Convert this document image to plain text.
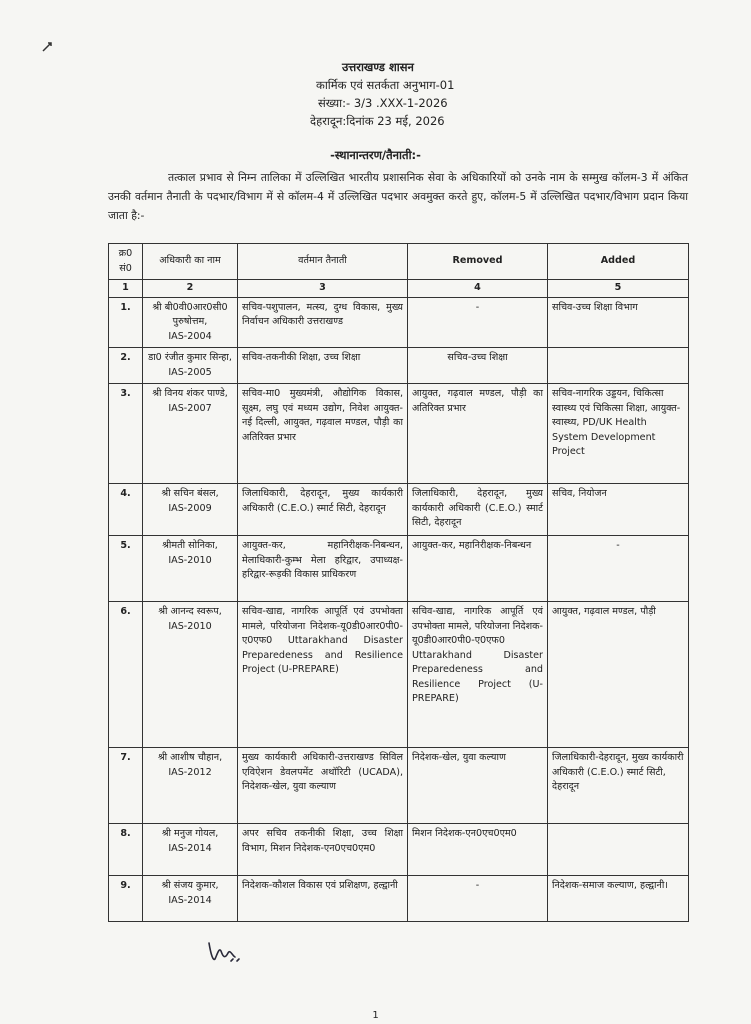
उत्तराखण्ड शासन
कार्मिक एवं सतर्कता अनुभाग-01
संख्या:- 3/3 .XXX-1-2026
देहरादून:दिनांक 23 मई, 2026
-स्थानान्तरण/तैनाती:-
तत्काल प्रभाव से निम्न तालिका में उल्लिखित भारतीय प्रशासनिक सेवा के अधिकारियों को उनके नाम के सम्मुख कॉलम-3 में अंकित उनकी वर्तमान तैनाती के पदभार/विभाग में से कॉलम-4 में उल्लिखित पदभार अवमुक्त करते हुए, कॉलम-5 में उल्लिखित पदभार/विभाग प्रदान किया जाता है:-
क्र0 सं0	अधिकारी का नाम	वर्तमान तैनाती	Removed	Added
1	2	3	4	5
1.	श्री बी0वी0आर0सी0 पुरुषोत्तम,
IAS-2004	सचिव-पशुपालन, मत्स्य, दुग्ध विकास, मुख्य निर्वाचन अधिकारी उत्तराखण्ड	-	सचिव-उच्च शिक्षा विभाग
2.	डा0 रंजीत कुमार सिन्हा,
IAS-2005	सचिव-तकनीकी शिक्षा, उच्च शिक्षा	सचिव-उच्च शिक्षा	
3.	श्री विनय शंकर पाण्डे,
IAS-2007	सचिव-मा0 मुख्यमंत्री, औद्योगिक विकास, सूक्ष्म, लघु एवं मध्यम उद्योग, निवेश आयुक्त-नई दिल्ली, आयुक्त, गढ़वाल मण्डल, पौड़ी का अतिरिक्त प्रभार	आयुक्त, गढ़वाल मण्डल, पौड़ी का अतिरिक्त प्रभार	सचिव-नागरिक उड्डयन, चिकित्सा स्वास्थ्य एवं चिकित्सा शिक्षा, आयुक्त-स्वास्थ्य, PD/UK Health System Development Project
4.	श्री सचिन बंसल,
IAS-2009	जिलाधिकारी, देहरादून, मुख्य कार्यकारी अधिकारी (C.E.O.) स्मार्ट सिटी, देहरादून	जिलाधिकारी, देहरादून, मुख्य कार्यकारी अधिकारी (C.E.O.) स्मार्ट सिटी, देहरादून	सचिव, नियोजन
5.	श्रीमती सोनिका,
IAS-2010	आयुक्त-कर, महानिरीक्षक-निबन्धन, मेलाधिकारी-कुम्भ मेला हरिद्वार, उपाध्यक्ष-हरिद्वार-रूड़की विकास प्राधिकरण	आयुक्त-कर, महानिरीक्षक-निबन्धन	-
6.	श्री आनन्द स्वरूप,
IAS-2010	सचिव-खाद्य, नागरिक आपूर्ति एवं उपभोक्ता मामले, परियोजना निदेशक-यू0डी0आर0पी0-ए0एफ0 Uttarakhand Disaster Preparedeness and Resilience Project (U-PREPARE)	सचिव-खाद्य, नागरिक आपूर्ति एवं उपभोक्ता मामले, परियोजना निदेशक-यू0डी0आर0पी0-ए0एफ0 Uttarakhand Disaster Preparedeness and Resilience Project (U-PREPARE)	आयुक्त, गढ़वाल मण्डल, पौड़ी
7.	श्री आशीष चौहान,
IAS-2012	मुख्य कार्यकारी अधिकारी-उत्तराखण्ड सिविल एविऐशन डेवलपमेंट अथॉरिटी (UCADA), निदेशक-खेल, युवा कल्याण	निदेशक-खेल, युवा कल्याण	जिलाधिकारी-देहरादून, मुख्य कार्यकारी अधिकारी (C.E.O.) स्मार्ट सिटी, देहरादून
8.	श्री मनुज गोयल,
IAS-2014	अपर सचिव तकनीकी शिक्षा, उच्च शिक्षा विभाग, मिशन निदेशक-एन0एच0एम0	मिशन निदेशक-एन0एच0एम0	
9.	श्री संजय कुमार,
IAS-2014	निदेशक-कौशल विकास एवं प्रशिक्षण, हल्द्वानी	-	निदेशक-समाज कल्याण, हल्द्वानी।
1
